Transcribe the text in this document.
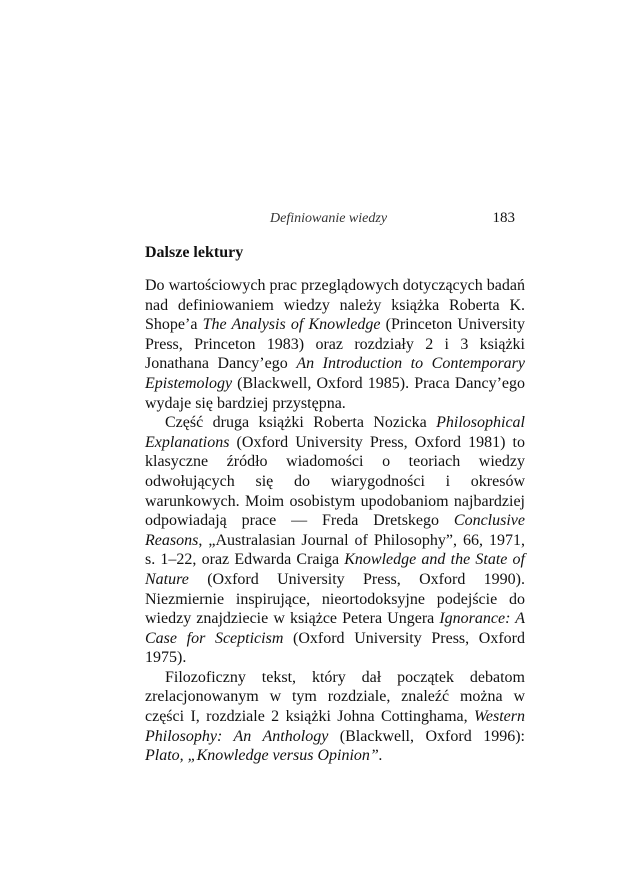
Definiowanie wiedzy	183
Dalsze lektury

Do wartościowych prac przeglądowych dotyczących badań nad definiowaniem wiedzy należy książka Roberta K. Shope’a The Analysis of Knowledge (Princeton University Press, Princeton 1983) oraz rozdziały 2 i 3 książki Jonathana Dancy’ego An Introduction to Contemporary Epistemology (Blackwell, Oxford 1985). Praca Dancy’ego wydaje się bardziej przystępna.

Część druga książki Roberta Nozicka Philosophical Explanations (Oxford University Press, Oxford 1981) to klasyczne źródło wiadomości o teoriach wiedzy odwołujących się do wiarygodności i okresów warunkowych. Moim osobistym upodobaniom najbardziej odpowiadają prace — Freda Dretskego Conclusive Reasons, „Australasian Journal of Philosophy”, 66, 1971, s. 1–22, oraz Edwarda Craiga Knowledge and the State of Nature (Oxford University Press, Oxford 1990). Niezmiernie inspirujące, nieortodoksyjne podejście do wiedzy znajdziecie w książce Petera Ungera Ignorance: A Case for Scepticism (Oxford University Press, Oxford 1975).

Filozoficzny tekst, który dał początek debatom zrelacjonowanym w tym rozdziale, znaleźć można w części I, rozdziale 2 książki Johna Cottinghama, Western Philosophy: An Anthology (Blackwell, Oxford 1996): Plato, „Knowledge versus Opinion”.
